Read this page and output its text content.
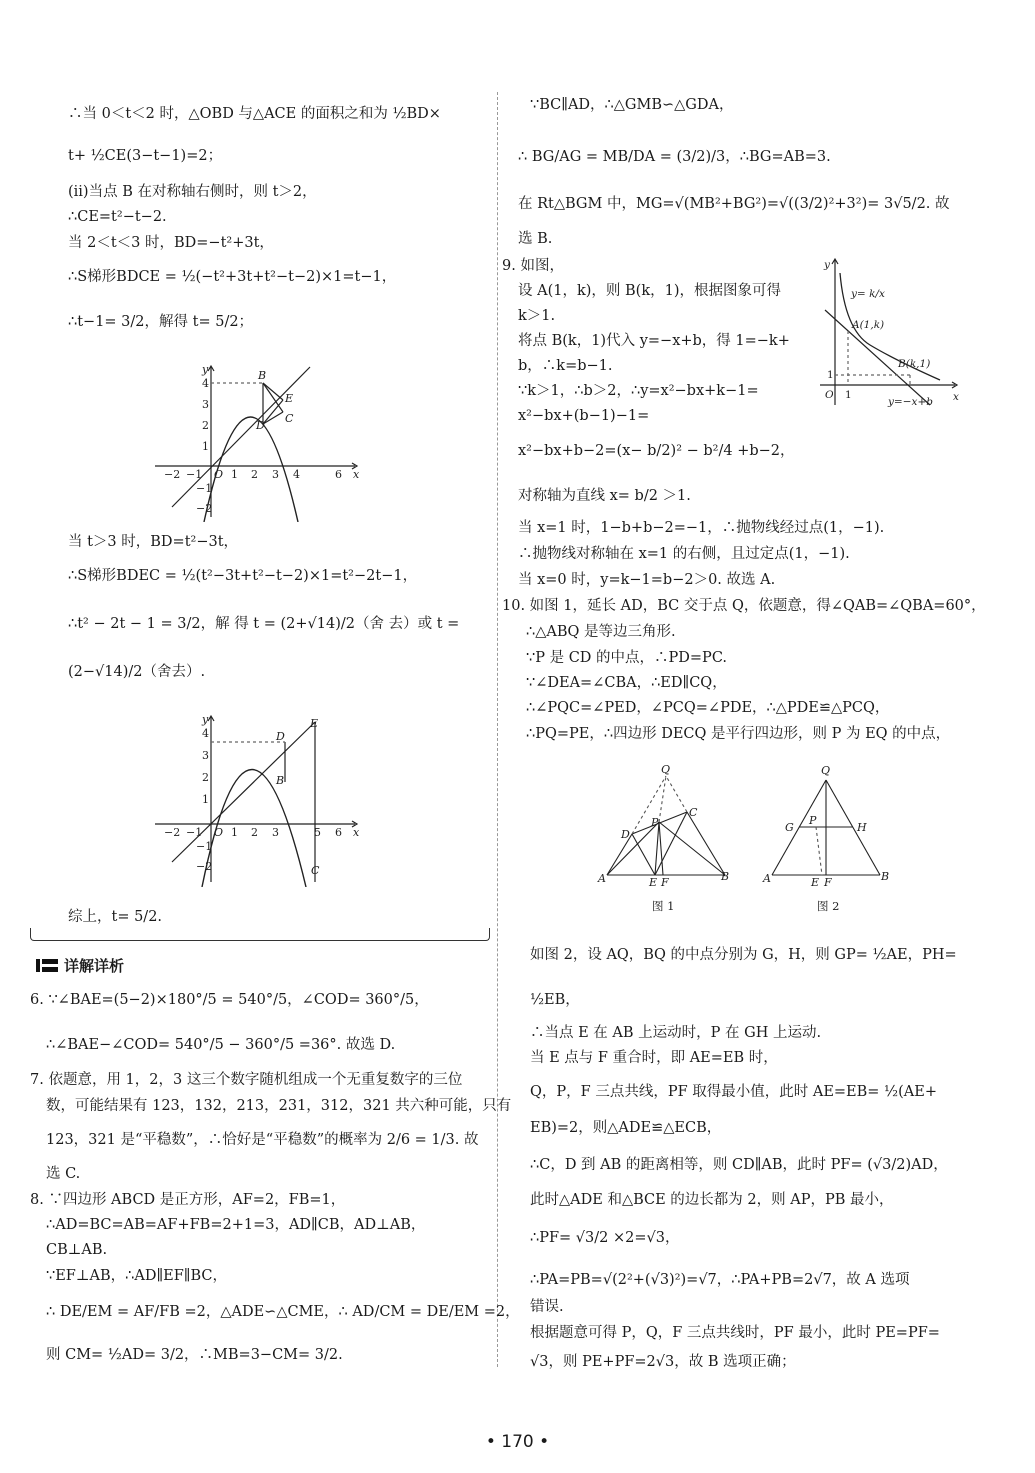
∴当 0＜t＜2 时，△OBD 与△ACE 的面积之和为 ½BD×
t+ ½CE(3−t−1)=2；
(ⅱ)当点 B 在对称轴右侧时，则 t＞2，
∴CE=t²−t−2.
当 2＜t＜3 时，BD=−t²+3t，
∴S梯形BDCE = ½(−t²+3t+t²−t−2)×1=t−1，
∴t−1= 3/2，解得 t= 5/2；
y
x
O
−2 −1	1 2 3 4	6
4
3
2
1
−1
−2
B
D
E
C
当 t＞3 时，BD=t²−3t，
∴S梯形BDEC = ½(t²−3t+t²−t−2)×1=t²−2t−1，
∴t² − 2t − 1 = 3/2，解 得 t = (2+√14)/2（舍 去）或 t =
(2−√14)/2（舍去）.
y
x
O
−2 −1	1 2 3	5 6
4
3
2
1
−1
−2
D
E
B
C
综上，t= 5/2.
详解详析
6. ∵∠BAE=(5−2)×180°/5 = 540°/5，∠COD= 360°/5，
∴∠BAE−∠COD= 540°/5 − 360°/5 =36°. 故选 D.
7. 依题意，用 1，2，3 这三个数字随机组成一个无重复数字的三位
数，可能结果有 123，132，213，231，312，321 共六种可能，只有
123，321 是“平稳数”，∴恰好是“平稳数”的概率为 2/6 = 1/3. 故
选 C.
8. ∵四边形 ABCD 是正方形，AF=2，FB=1，
∴AD=BC=AB=AF+FB=2+1=3，AD∥CB，AD⊥AB，
CB⊥AB.
∵EF⊥AB，∴AD∥EF∥BC，
∴ DE/EM = AF/FB =2，△ADE∽△CME，∴ AD/CM = DE/EM =2，
则 CM= ½AD= 3/2，∴MB=3−CM= 3/2.
∵BC∥AD，∴△GMB∽△GDA，
∴ BG/AG = MB/DA = (3/2)/3，∴BG=AB=3.
在 Rt△BGM 中，MG=√(MB²+BG²)=√((3/2)²+3²)= 3√5/2. 故
选 B.
9. 如图，
设 A(1，k)，则 B(k，1)，根据图象可得
k＞1.
将点 B(k，1)代入 y=−x+b，得 1=−k+
b，∴k=b−1.
∵k＞1，∴b＞2，∴y=x²−bx+k−1=
x²−bx+(b−1)−1=
x²−bx+b−2=(x− b/2)² − b²/4 +b−2，
对称轴为直线 x= b/2 ＞1.
y
x
O 1
1
y= k/x
A(1,k)
B(k,1)
y=−x+b
当 x=1 时，1−b+b−2=−1，∴抛物线经过点(1，−1).
∴抛物线对称轴在 x=1 的右侧，且过定点(1，−1).
当 x=0 时，y=k−1=b−2＞0. 故选 A.
10. 如图 1，延长 AD，BC 交于点 Q，依题意，得∠QAB=∠QBA=60°，
∴△ABQ 是等边三角形.
∵P 是 CD 的中点，∴PD=PC.
∵∠DEA=∠CBA，∴ED∥CQ，
∴∠PQC=∠PED，∠PCQ=∠PDE，∴△PDE≌△PCQ，
∴PQ=PE，∴四边形 DECQ 是平行四边形，则 P 为 EQ 的中点，
Q
C
P
D
A	E F	B
图 1
Q
G
P
H
A	E F	B
图 2
如图 2，设 AQ，BQ 的中点分别为 G，H，则 GP= ½AE，PH=
½EB，
∴当点 E 在 AB 上运动时，P 在 GH 上运动.
当 E 点与 F 重合时，即 AE=EB 时，
Q，P，F 三点共线，PF 取得最小值，此时 AE=EB= ½(AE+
EB)=2，则△ADE≌△ECB，
∴C，D 到 AB 的距离相等，则 CD∥AB，此时 PF= (√3/2)AD，
此时△ADE 和△BCE 的边长都为 2，则 AP，PB 最小，
∴PF= √3/2 ×2=√3，
∴PA=PB=√(2²+(√3)²)=√7，∴PA+PB=2√7，故 A 选项
错误.
根据题意可得 P，Q，F 三点共线时，PF 最小，此时 PE=PF=
√3，则 PE+PF=2√3，故 B 选项正确；
• 170 •
